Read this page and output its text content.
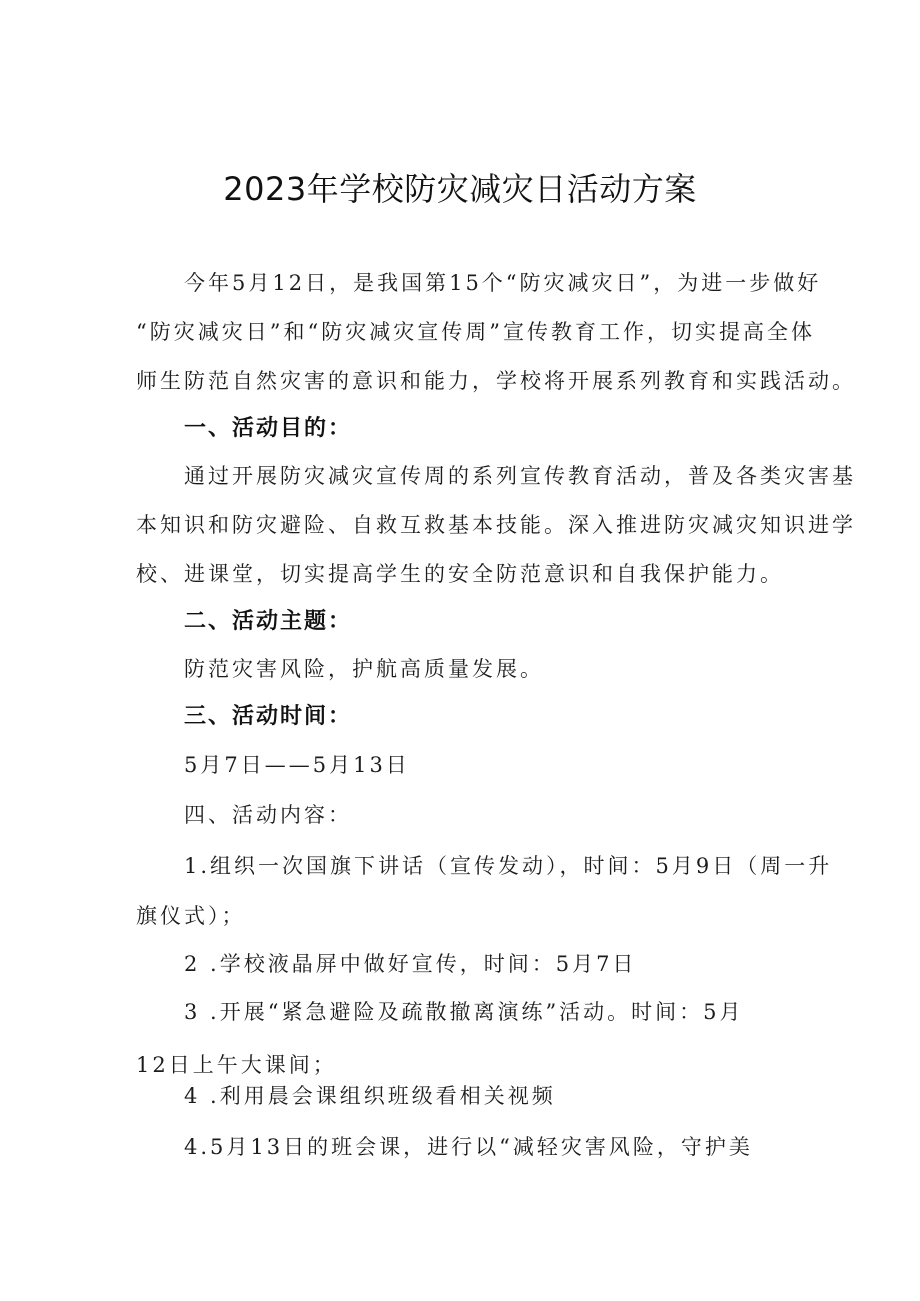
2023年学校防灾减灾日活动方案
今年5月12日，是我国第15个“防灾减灾日”，为进一步做好
“防灾减灾日”和“防灾减灾宣传周”宣传教育工作，切实提高全体
师生防范自然灾害的意识和能力，学校将开展系列教育和实践活动。
一、活动目的：
通过开展防灾减灾宣传周的系列宣传教育活动，普及各类灾害基
本知识和防灾避险、自救互救基本技能。深入推进防灾减灾知识进学
校、进课堂，切实提高学生的安全防范意识和自我保护能力。
二、活动主题：
防范灾害风险，护航高质量发展。
三、活动时间：
5月7日——5月13日
四、活动内容：
1.组织一次国旗下讲话（宣传发动），时间：5月9日（周一升
旗仪式）；
2 .学校液晶屏中做好宣传，时间：5月7日
3 .开展“紧急避险及疏散撤离演练”活动。时间：5月
12日上午大课间；
4 .利用晨会课组织班级看相关视频
4.5月13日的班会课，进行以“减轻灾害风险，守护美
